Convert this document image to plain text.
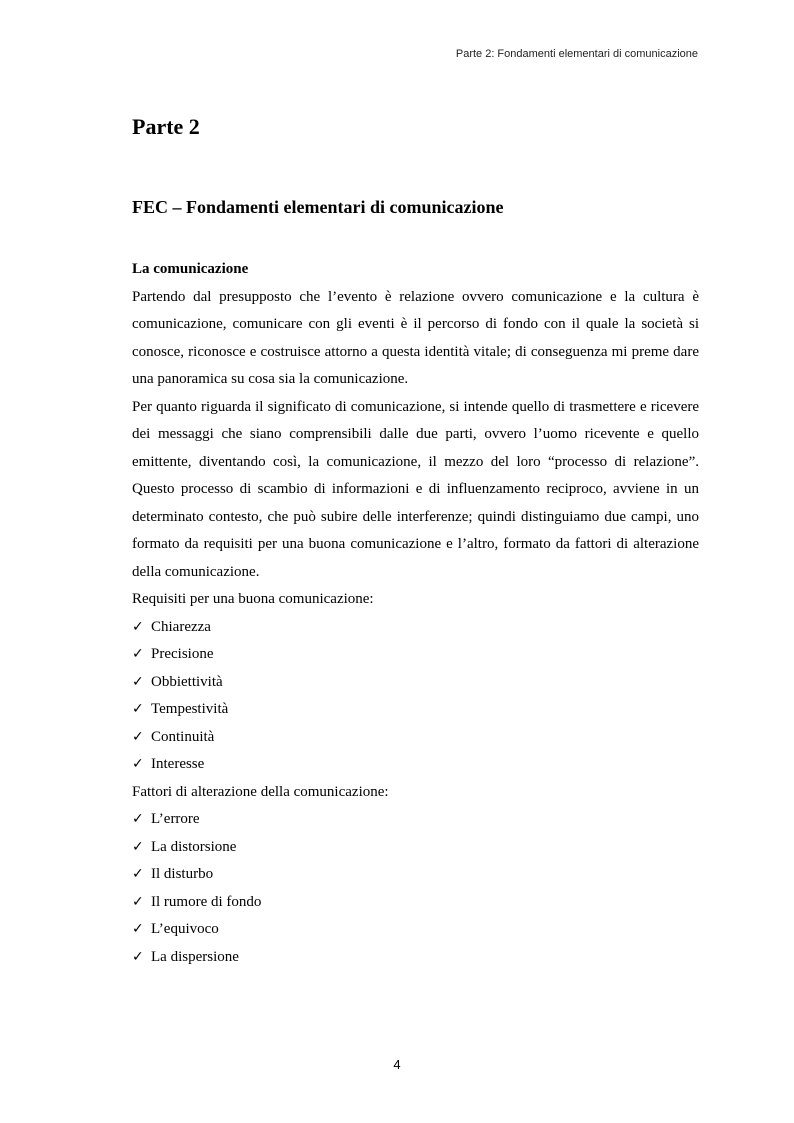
Parte 2: Fondamenti elementari di comunicazione
Parte 2
FEC – Fondamenti elementari di comunicazione
La comunicazione

Partendo dal presupposto che l’evento è relazione ovvero comunicazione e la cultura è comunicazione, comunicare con gli eventi è il percorso di fondo con il quale la società si conosce, riconosce e costruisce attorno a questa identità vitale; di conseguenza mi preme dare una panoramica su cosa sia la comunicazione.

Per quanto riguarda il significato di comunicazione, si intende quello di trasmettere e ricevere dei messaggi che siano comprensibili dalle due parti, ovvero l’uomo ricevente e quello emittente, diventando così, la comunicazione, il mezzo del loro “processo di relazione”. Questo processo di scambio di informazioni e di influenzamento reciproco, avviene in un determinato contesto, che può subire delle interferenze; quindi distinguiamo due campi, uno formato da requisiti per una buona comunicazione e l’altro, formato da fattori di alterazione della comunicazione.

Requisiti per una buona comunicazione:

✓ Chiarezza
✓ Precisione
✓ Obbiettività
✓ Tempestività
✓ Continuità
✓ Interesse

Fattori di alterazione della comunicazione:

✓ L’errore
✓ La distorsione
✓ Il disturbo
✓ Il rumore di fondo
✓ L’equivoco
✓ La dispersione
4
